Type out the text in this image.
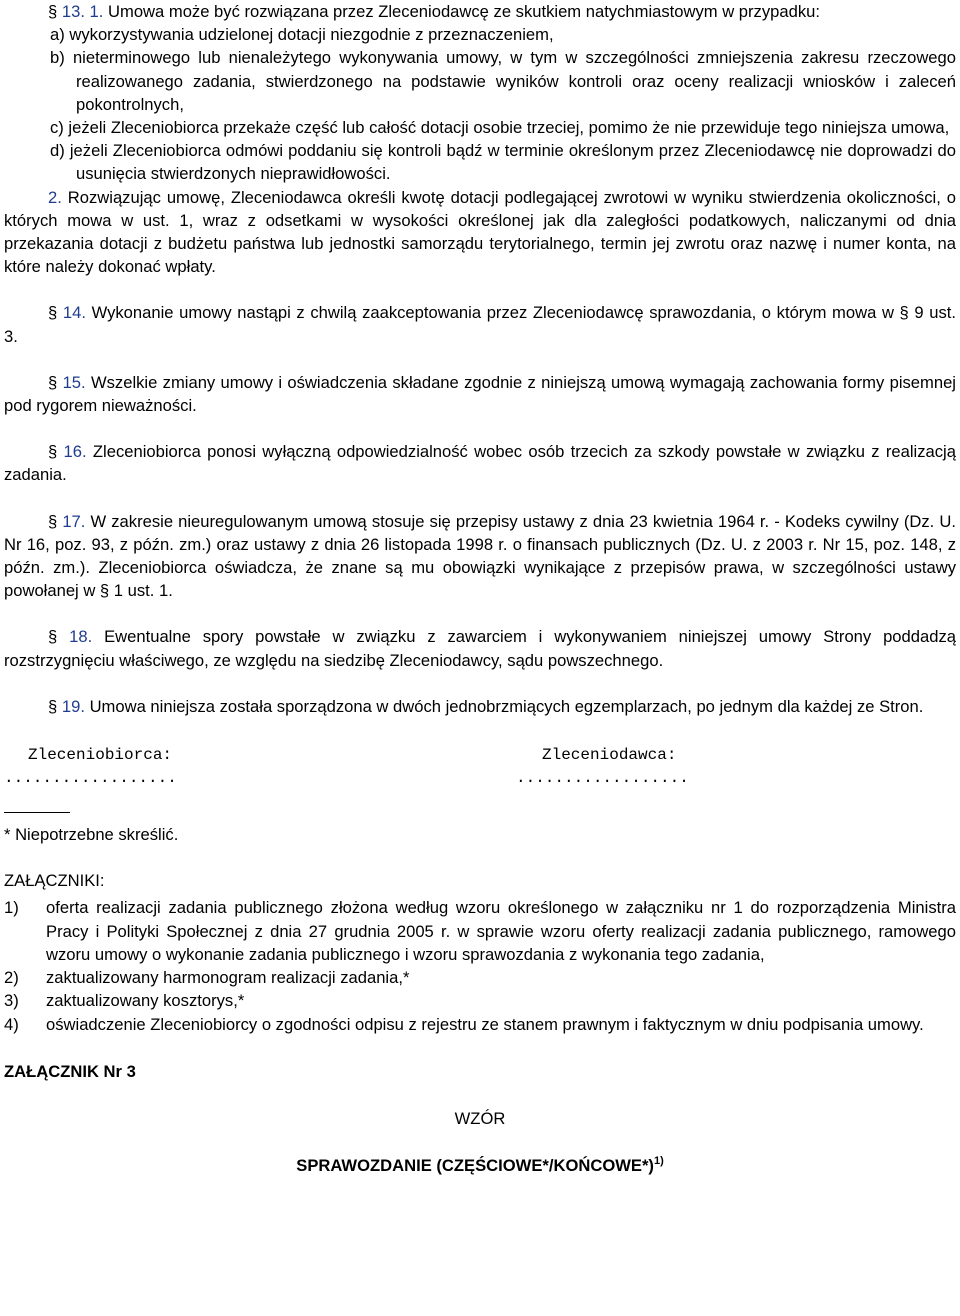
§ 13. 1. Umowa może być rozwiązana przez Zleceniodawcę ze skutkiem natychmiastowym w przypadku:

a) wykorzystywania udzielonej dotacji niezgodnie z przeznaczeniem,

b) nieterminowego lub nienależytego wykonywania umowy, w tym w szczególności zmniejszenia zakresu rzeczowego realizowanego zadania, stwierdzonego na podstawie wyników kontroli oraz oceny realizacji wniosków i zaleceń pokontrolnych,

c) jeżeli Zleceniobiorca przekaże część lub całość dotacji osobie trzeciej, pomimo że nie przewiduje tego niniejsza umowa,

d) jeżeli Zleceniobiorca odmówi poddaniu się kontroli bądź w terminie określonym przez Zleceniodawcę nie doprowadzi do usunięcia stwierdzonych nieprawidłowości.

2. Rozwiązując umowę, Zleceniodawca określi kwotę dotacji podlegającej zwrotowi w wyniku stwierdzenia okoliczności, o których mowa w ust. 1, wraz z odsetkami w wysokości określonej jak dla zaległości podatkowych, naliczanymi od dnia przekazania dotacji z budżetu państwa lub jednostki samorządu terytorialnego, termin jej zwrotu oraz nazwę i numer konta, na które należy dokonać wpłaty.

§ 14. Wykonanie umowy nastąpi z chwilą zaakceptowania przez Zleceniodawcę sprawozdania, o którym mowa w § 9 ust. 3.

§ 15. Wszelkie zmiany umowy i oświadczenia składane zgodnie z niniejszą umową wymagają zachowania formy pisemnej pod rygorem nieważności.

§ 16. Zleceniobiorca ponosi wyłączną odpowiedzialność wobec osób trzecich za szkody powstałe w związku z realizacją zadania.

§ 17. W zakresie nieuregulowanym umową stosuje się przepisy ustawy z dnia 23 kwietnia 1964 r. - Kodeks cywilny (Dz. U. Nr 16, poz. 93, z późn. zm.) oraz ustawy z dnia 26 listopada 1998 r. o finansach publicznych (Dz. U. z 2003 r. Nr 15, poz. 148, z późn. zm.). Zleceniobiorca oświadcza, że znane są mu obowiązki wynikające z przepisów prawa, w szczególności ustawy powołanej w § 1 ust. 1.

§ 18. Ewentualne spory powstałe w związku z zawarciem i wykonywaniem niniejszej umowy Strony poddadzą rozstrzygnięciu właściwego, ze względu na siedzibę Zleceniodawcy, sądu powszechnego.

§ 19. Umowa niniejsza została sporządzona w dwóch jednobrzmiących egzemplarzach, po jednym dla każdej ze Stron.

Zleceniobiorca:	Zleceniodawca:
..................	..................

* Niepotrzebne skreślić.

ZAŁĄCZNIKI:

1)	oferta realizacji zadania publicznego złożona według wzoru określonego w załączniku nr 1 do rozporządzenia Ministra Pracy i Polityki Społecznej z dnia 27 grudnia 2005 r. w sprawie wzoru oferty realizacji zadania publicznego, ramowego wzoru umowy o wykonanie zadania publicznego i wzoru sprawozdania z wykonania tego zadania,
2)	zaktualizowany harmonogram realizacji zadania,*
3)	zaktualizowany kosztorys,*
4)	oświadczenie Zleceniobiorcy o zgodności odpisu z rejestru ze stanem prawnym i faktycznym w dniu podpisania umowy.

ZAŁĄCZNIK Nr 3

WZÓR

SPRAWOZDANIE (CZĘŚCIOWE*/KOŃCOWE*)$^{1)}$
